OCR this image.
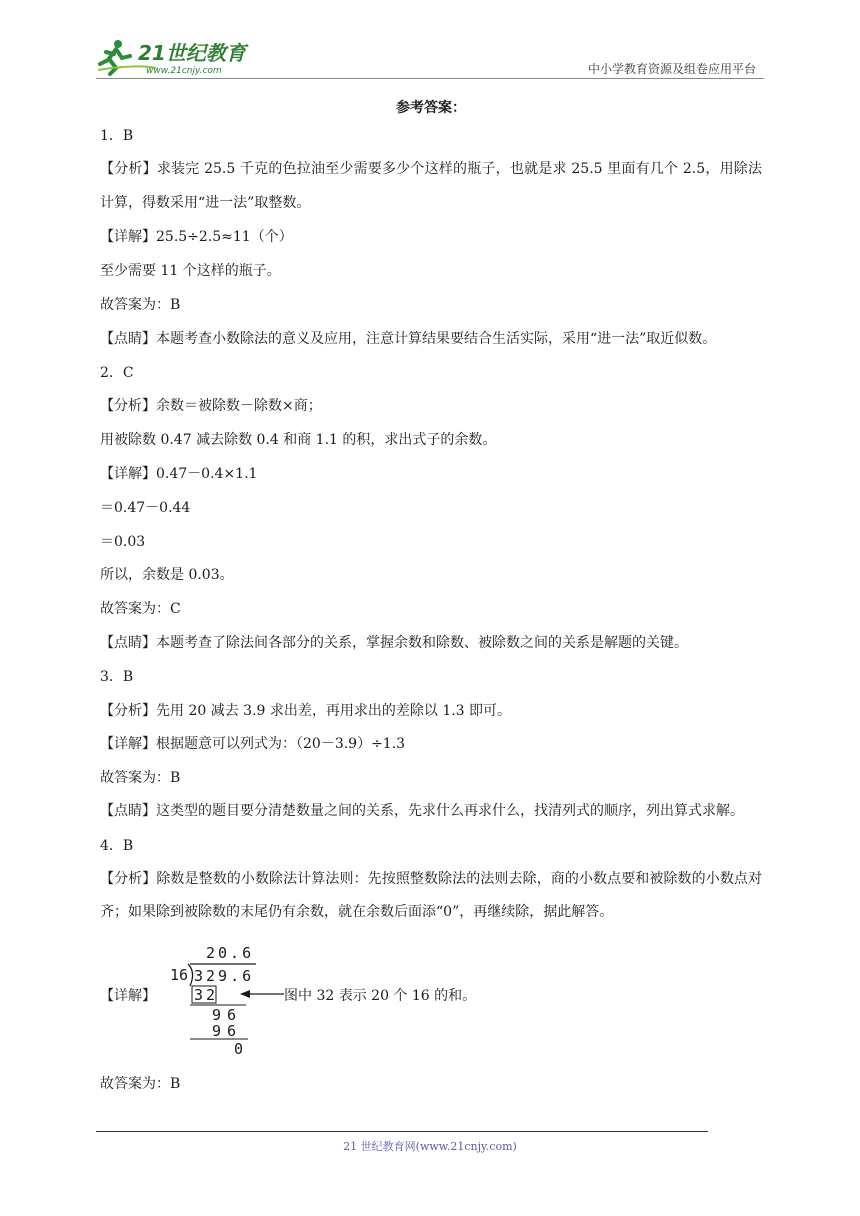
21世纪教育
www.21cnjy.com	中小学教育资源及组卷应用平台
参考答案：
1．B
【分析】求装完 25.5 千克的色拉油至少需要多少个这样的瓶子，也就是求 25.5 里面有几个 2.5，用除法计算，得数采用“进一法”取整数。
【详解】25.5÷2.5≈11（个）
至少需要 11 个这样的瓶子。
故答案为：B
【点睛】本题考查小数除法的意义及应用，注意计算结果要结合生活实际，采用“进一法”取近似数。
2．C
【分析】余数＝被除数－除数×商；
用被除数 0.47 减去除数 0.4 和商 1.1 的积，求出式子的余数。
【详解】0.47－0.4×1.1
＝0.47－0.44
＝0.03
所以，余数是 0.03。
故答案为：C
【点睛】本题考查了除法间各部分的关系，掌握余数和除数、被除数之间的关系是解题的关键。
3．B
【分析】先用 20 减去 3.9 求出差，再用求出的差除以 1.3 即可。
【详解】根据题意可以列式为：（20－3.9）÷1.3
故答案为：B
【点睛】这类型的题目要分清楚数量之间的关系，先求什么再求什么，找清列式的顺序，列出算式求解。
4．B
【分析】除数是整数的小数除法计算法则：先按照整数除法的法则去除，商的小数点要和被除数的小数点对齐；如果除到被除数的末尾仍有余数，就在余数后面添“0”，再继续除，据此解答。
【详解】
20.6
16 329.6
32
96
96
0
图中 32 表示 20 个 16 的和。
故答案为：B
21 世纪教育网(www.21cnjy.com)
